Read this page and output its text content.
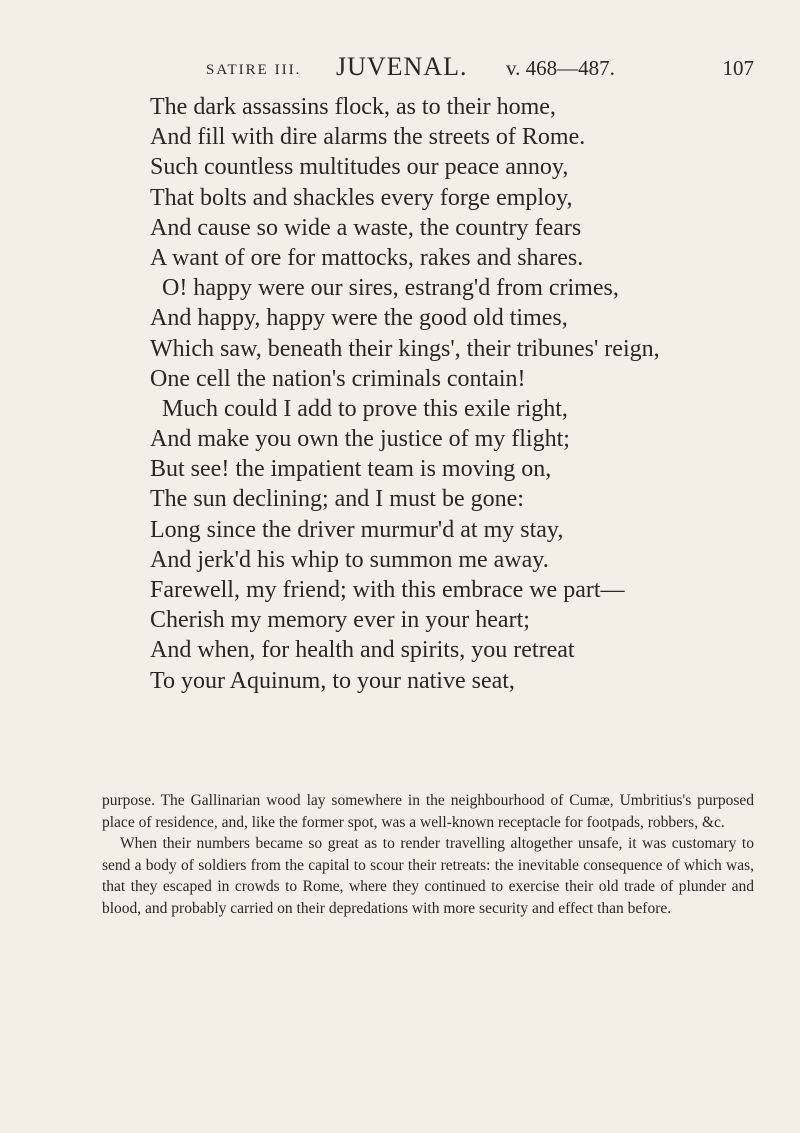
SATIRE III. JUVENAL. v. 468—487.	107
The dark assassins flock, as to their home,
And fill with dire alarms the streets of Rome.
Such countless multitudes our peace annoy,
That bolts and shackles every forge employ,
And cause so wide a waste, the country fears
A want of ore for mattocks, rakes and shares.
O! happy were our sires, estrang'd from crimes,
And happy, happy were the good old times,
Which saw, beneath their kings', their tribunes' reign,
One cell the nation's criminals contain!
Much could I add to prove this exile right,
And make you own the justice of my flight;
But see! the impatient team is moving on,
The sun declining; and I must be gone:
Long since the driver murmur'd at my stay,
And jerk'd his whip to summon me away.
Farewell, my friend; with this embrace we part—
Cherish my memory ever in your heart;
And when, for health and spirits, you retreat
To your Aquinum, to your native seat,

purpose. The Gallinarian wood lay somewhere in the neighbourhood of Cumæ, Umbritius's purposed place of residence, and, like the former spot, was a well-known receptacle for footpads, robbers, &c.

When their numbers became so great as to render travelling altogether unsafe, it was customary to send a body of soldiers from the capital to scour their retreats: the inevitable consequence of which was, that they escaped in crowds to Rome, where they continued to exercise their old trade of plunder and blood, and probably carried on their depredations with more security and effect than before.
